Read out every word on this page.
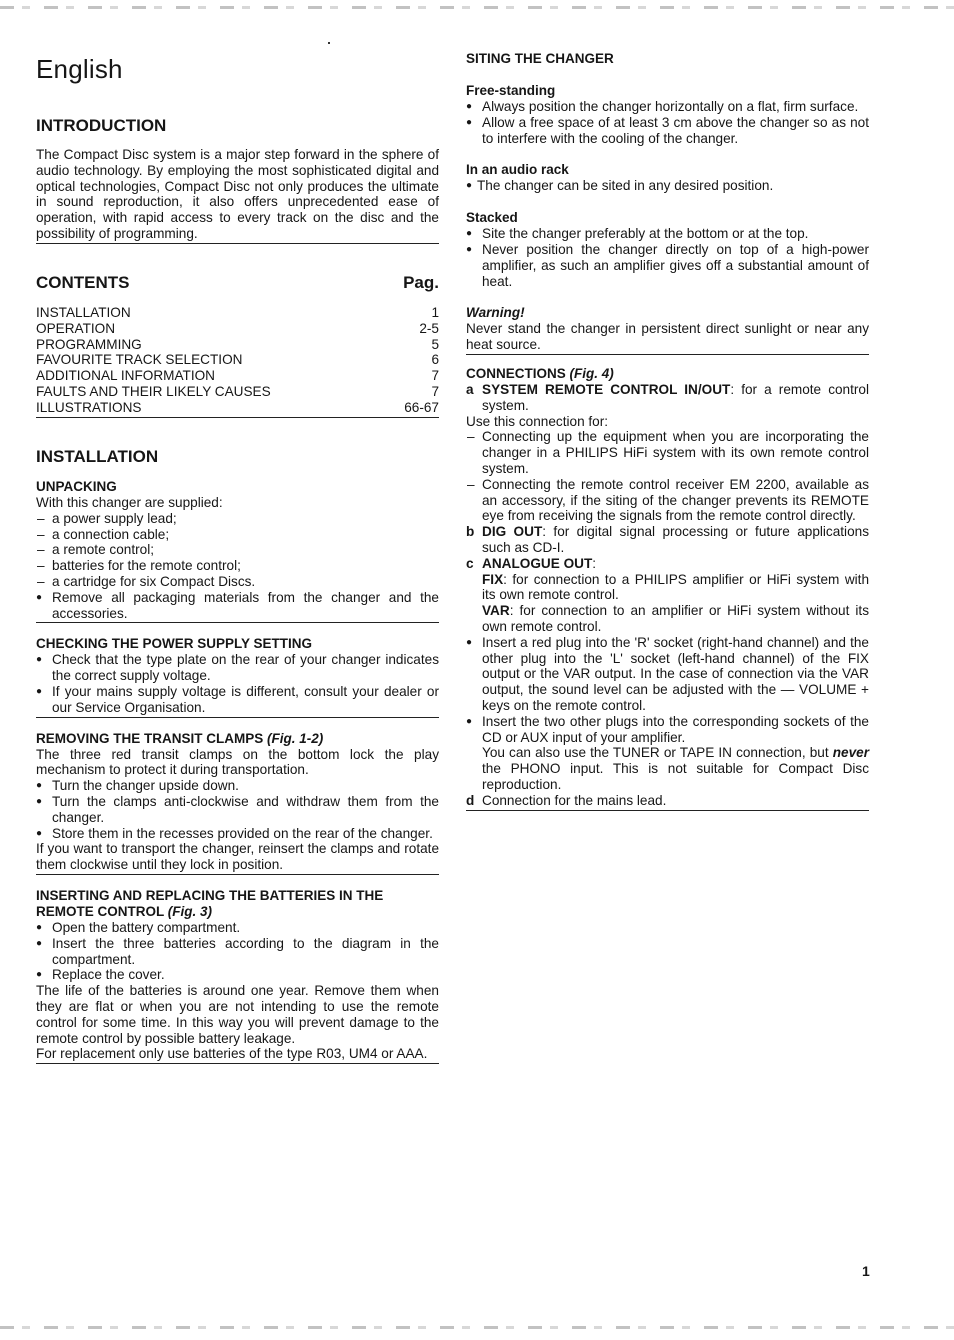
English
INTRODUCTION

The Compact Disc system is a major step forward in the sphere of audio technology. By employing the most sophisticated digital and optical technologies, Compact Disc not only produces the ultimate in sound reproduction, it also offers unprecedented ease of operation, with rapid access to every track on the disc and the possibility of programming.

CONTENTS	Pag.
INSTALLATION	1
OPERATION	2-5
PROGRAMMING	5
FAVOURITE TRACK SELECTION	6
ADDITIONAL INFORMATION	7
FAULTS AND THEIR LIKELY CAUSES	7
ILLUSTRATIONS	66-67
INSTALLATION
UNPACKING

With this changer are supplied:

– a power supply lead;
– a connection cable;
– a remote control;
– batteries for the remote control;
– a cartridge for six Compact Discs.
● Remove all packaging materials from the changer and the accessories.
CHECKING THE POWER SUPPLY SETTING
● Check that the type plate on the rear of your changer indicates the correct supply voltage.
● If your mains supply voltage is different, consult your dealer or our Service Organisation.
REMOVING THE TRANSIT CLAMPS (Fig. 1-2)

The three red transit clamps on the bottom lock the play mechanism to protect it during transportation.

● Turn the changer upside down.
● Turn the clamps anti-clockwise and withdraw them from the changer.
● Store them in the recesses provided on the rear of the changer.

If you want to transport the changer, reinsert the clamps and rotate them clockwise until they lock in position.

INSERTING AND REPLACING THE BATTERIES IN THE REMOTE CONTROL (Fig. 3)
● Open the battery compartment.
● Insert the three batteries according to the diagram in the compartment.
● Replace the cover.

The life of the batteries is around one year. Remove them when they are flat or when you are not intending to use the remote control for some time. In this way you will prevent damage to the remote control by possible battery leakage.

For replacement only use batteries of the type R03, UM4 or AAA.

SITING THE CHANGER
Free-standing
● Always position the changer horizontally on a flat, firm surface.
● Allow a free space of at least 3 cm above the changer so as not to interfere with the cooling of the changer.
In an audio rack
● The changer can be sited in any desired position.
Stacked
● Site the changer preferably at the bottom or at the top.
● Never position the changer directly on top of a high-power amplifier, as such an amplifier gives off a substantial amount of heat.
Warning!

Never stand the changer in persistent direct sunlight or near any heat source.

CONNECTIONS (Fig. 4)
a SYSTEM REMOTE CONTROL IN/OUT: for a remote control system.

Use this connection for:

– Connecting up the equipment when you are incorporating the changer in a PHILIPS HiFi system with its own remote control system.
– Connecting the remote control receiver EM 2200, available as an accessory, if the siting of the changer prevents its REMOTE eye from receiving the signals from the remote control directly.
b DIG OUT: for digital signal processing or future applications such as CD-I.
c ANALOGUE OUT:
FIX: for connection to a PHILIPS amplifier or HiFi system with its own remote control.
VAR: for connection to an amplifier or HiFi system without its own remote control.
● Insert a red plug into the 'R' socket (right-hand channel) and the other plug into the 'L' socket (left-hand channel) of the FIX output or the VAR output. In the case of connection via the VAR output, the sound level can be adjusted with the — VOLUME + keys on the remote control.
● Insert the two other plugs into the corresponding sockets of the CD or AUX input of your amplifier.
You can also use the TUNER or TAPE IN connection, but never the PHONO input. This is not suitable for Compact Disc reproduction.
d Connection for the mains lead.
1
